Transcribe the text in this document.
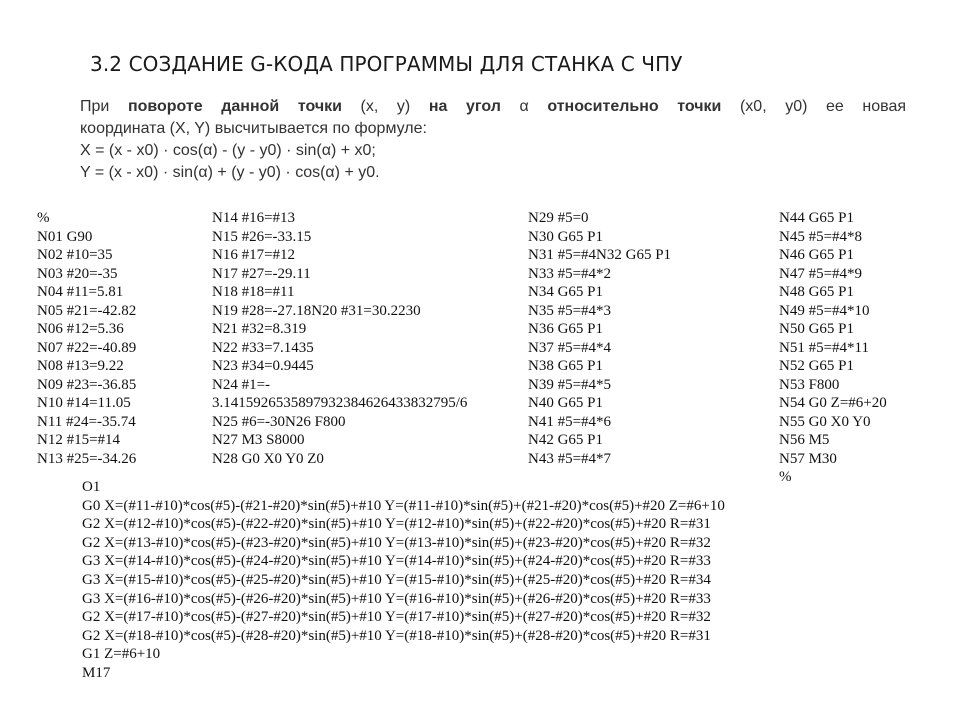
3.2 СОЗДАНИЕ G-КОДА ПРОГРАММЫ ДЛЯ СТАНКА С ЧПУ

При повороте данной точки (x, y) на угол α относительно точки (x0, y0) ее новая

координата (X, Y) высчитывается по формуле:

X = (x - x0) · cos(α) - (y - y0) · sin(α) + x0;

Y = (x - x0) · sin(α) + (y - y0) · cos(α) + y0.

%
N01 G90
N02 #10=35
N03 #20=-35
N04 #11=5.81
N05 #21=-42.82
N06 #12=5.36
N07 #22=-40.89
N08 #13=9.22
N09 #23=-36.85
N10 #14=11.05
N11 #24=-35.74
N12 #15=#14
N13 #25=-34.26
N14 #16=#13
N15 #26=-33.15
N16 #17=#12
N17 #27=-29.11
N18 #18=#11
N19 #28=-27.18N20 #31=30.2230
N21 #32=8.319
N22 #33=7.1435
N23 #34=0.9445
N24 #1=-
3.1415926535897932384626433832795/6
N25 #6=-30N26 F800
N27 M3 S8000
N28 G0 X0 Y0 Z0
N29 #5=0
N30 G65 P1
N31 #5=#4N32 G65 P1
N33 #5=#4*2
N34 G65 P1
N35 #5=#4*3
N36 G65 P1
N37 #5=#4*4
N38 G65 P1
N39 #5=#4*5
N40 G65 P1
N41 #5=#4*6
N42 G65 P1
N43 #5=#4*7
N44 G65 P1
N45 #5=#4*8
N46 G65 P1
N47 #5=#4*9
N48 G65 P1
N49 #5=#4*10
N50 G65 P1
N51 #5=#4*11
N52 G65 P1
N53 F800
N54 G0 Z=#6+20
N55 G0 X0 Y0
N56 M5
N57 M30
%
O1
G0 X=(#11-#10)*cos(#5)-(#21-#20)*sin(#5)+#10 Y=(#11-#10)*sin(#5)+(#21-#20)*cos(#5)+#20 Z=#6+10
G2 X=(#12-#10)*cos(#5)-(#22-#20)*sin(#5)+#10 Y=(#12-#10)*sin(#5)+(#22-#20)*cos(#5)+#20 R=#31
G2 X=(#13-#10)*cos(#5)-(#23-#20)*sin(#5)+#10 Y=(#13-#10)*sin(#5)+(#23-#20)*cos(#5)+#20 R=#32
G3 X=(#14-#10)*cos(#5)-(#24-#20)*sin(#5)+#10 Y=(#14-#10)*sin(#5)+(#24-#20)*cos(#5)+#20 R=#33
G3 X=(#15-#10)*cos(#5)-(#25-#20)*sin(#5)+#10 Y=(#15-#10)*sin(#5)+(#25-#20)*cos(#5)+#20 R=#34
G3 X=(#16-#10)*cos(#5)-(#26-#20)*sin(#5)+#10 Y=(#16-#10)*sin(#5)+(#26-#20)*cos(#5)+#20 R=#33
G2 X=(#17-#10)*cos(#5)-(#27-#20)*sin(#5)+#10 Y=(#17-#10)*sin(#5)+(#27-#20)*cos(#5)+#20 R=#32
G2 X=(#18-#10)*cos(#5)-(#28-#20)*sin(#5)+#10 Y=(#18-#10)*sin(#5)+(#28-#20)*cos(#5)+#20 R=#31
G1 Z=#6+10
M17
